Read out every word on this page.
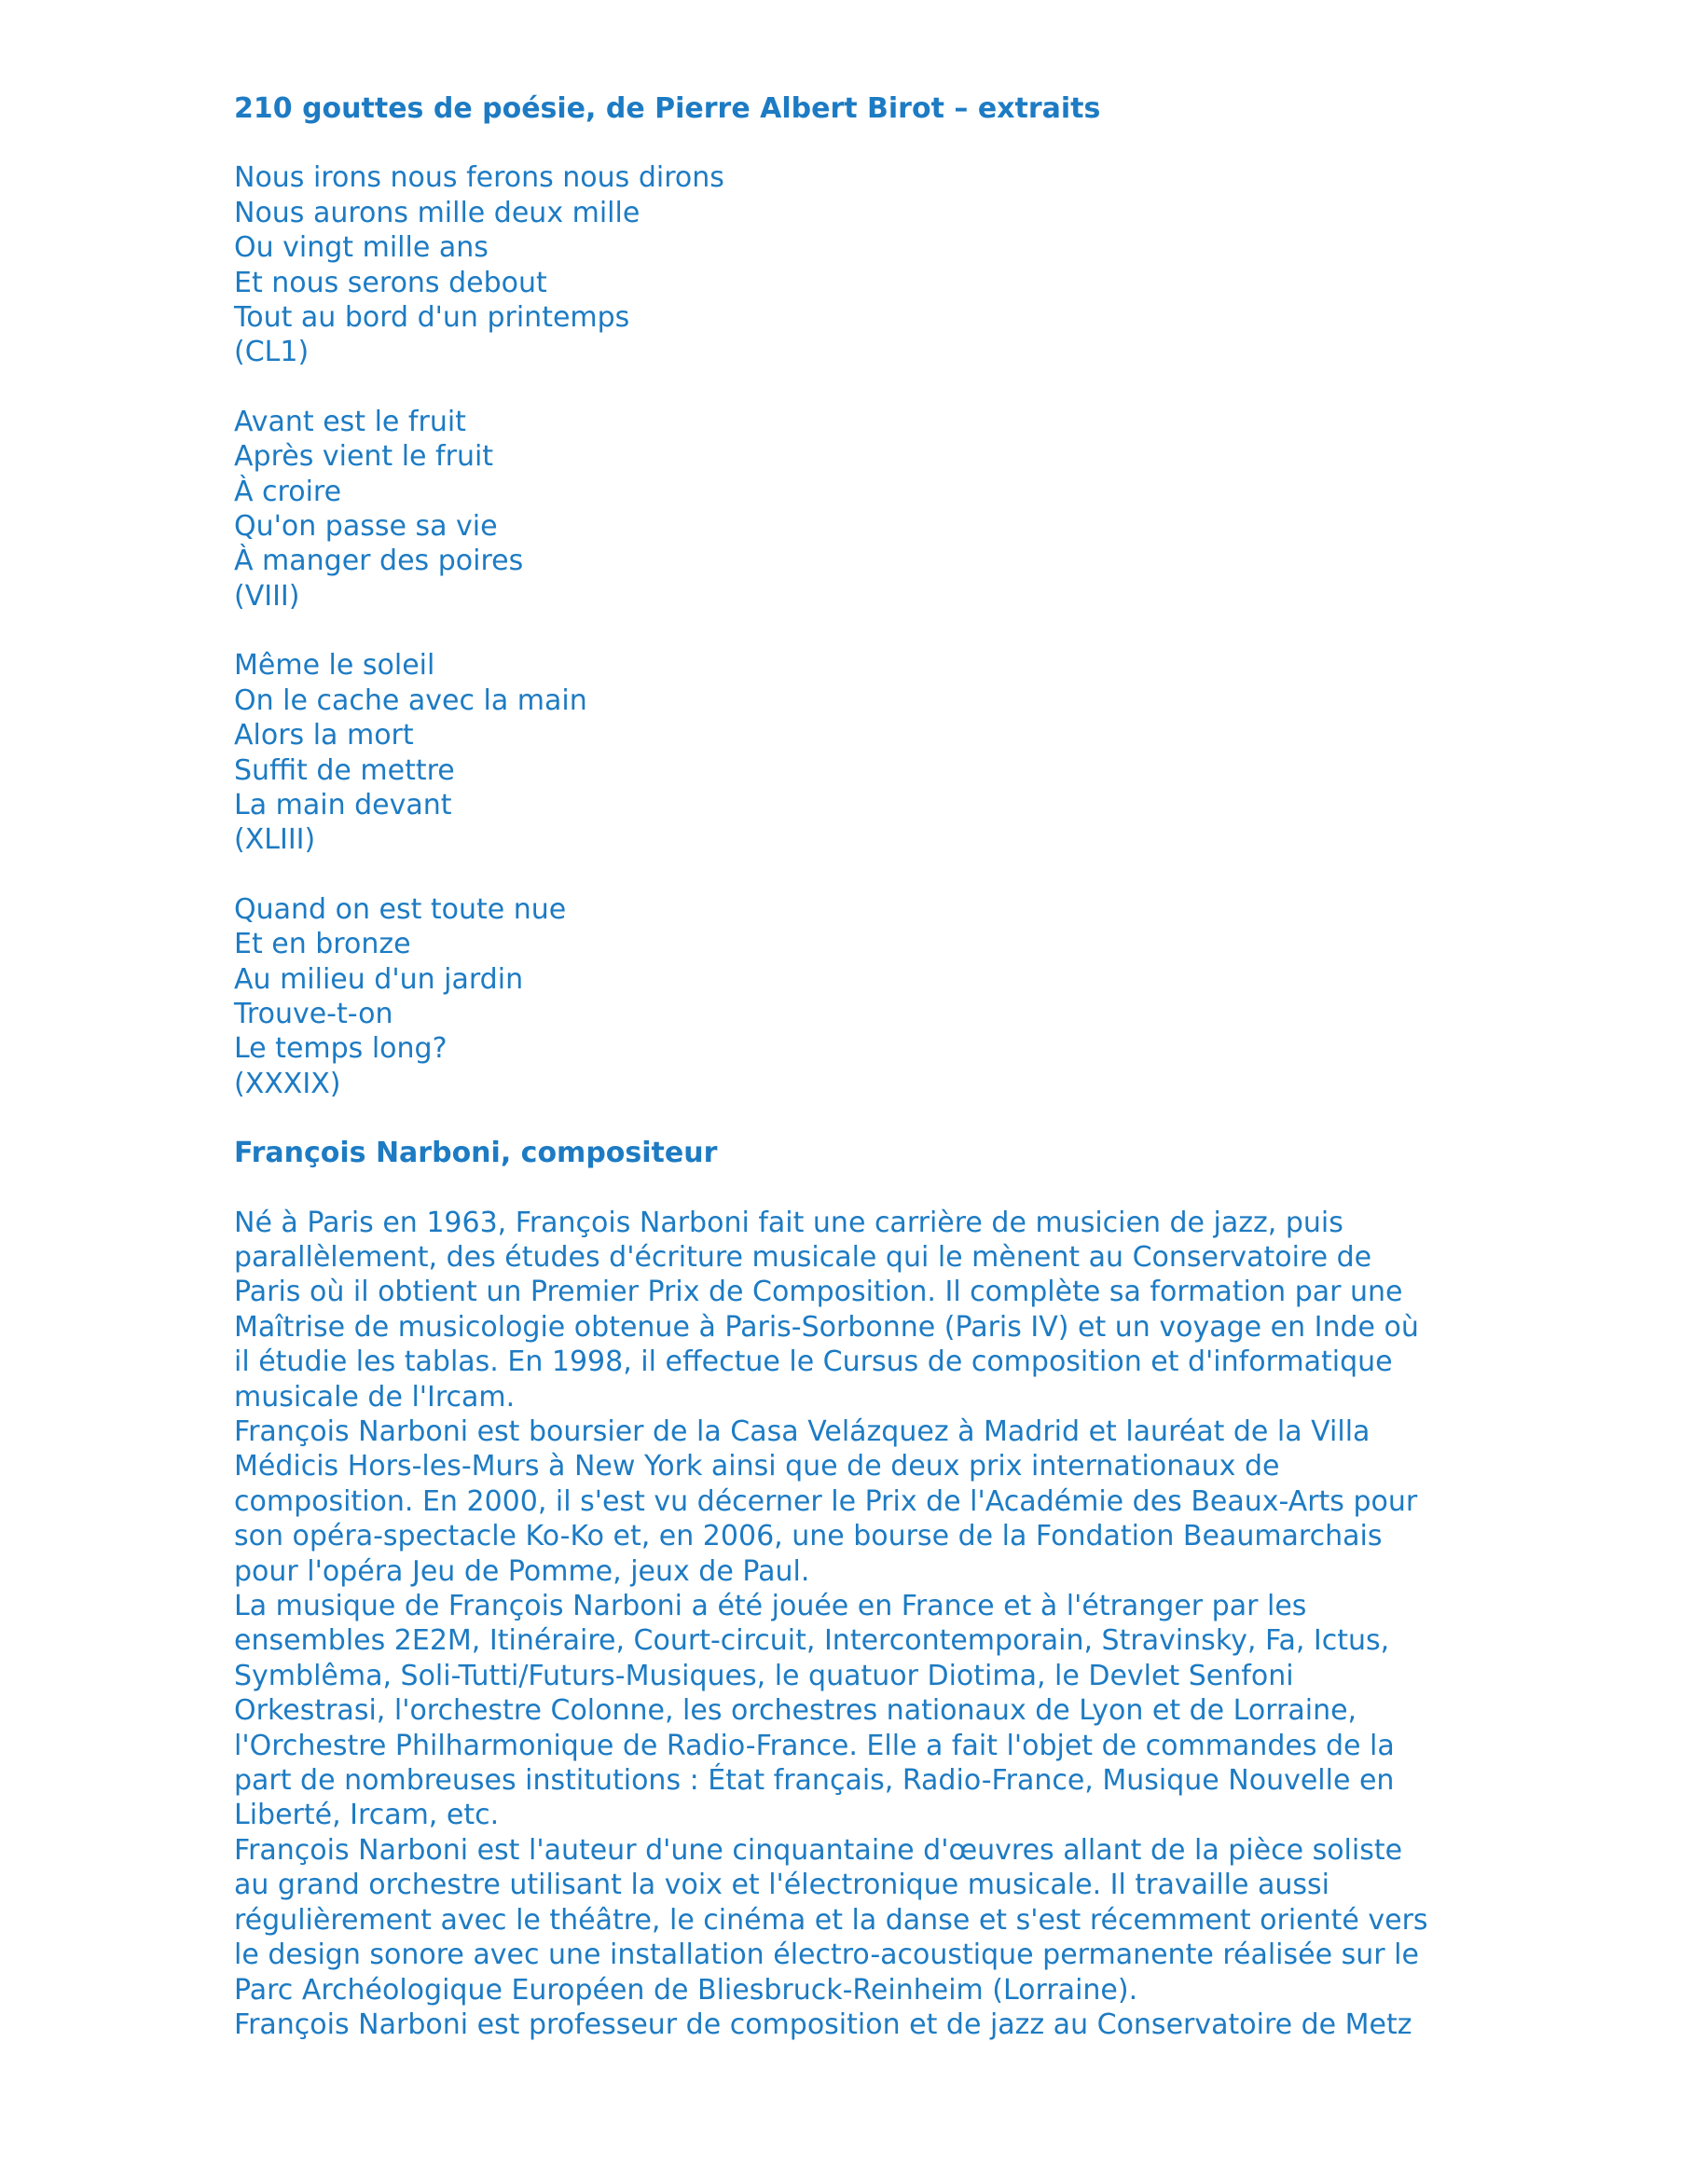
210 gouttes de poésie, de Pierre Albert Birot – extraits

Nous irons nous ferons nous dirons
Nous aurons mille deux mille
Ou vingt mille ans
Et nous serons debout
Tout au bord d'un printemps
(CL1)
Avant est le fruit
Après vient le fruit
À croire
Qu'on passe sa vie
À manger des poires
(VIII)
Même le soleil
On le cache avec la main
Alors la mort
Suffit de mettre
La main devant
(XLIII)
Quand on est toute nue
Et en bronze
Au milieu d'un jardin
Trouve-t-on
Le temps long?
(XXXIX)

François Narboni, compositeur

Né à Paris en 1963, François Narboni fait une carrière de musicien de jazz, puis
parallèlement, des études d'écriture musicale qui le mènent au Conservatoire de
Paris où il obtient un Premier Prix de Composition. Il complète sa formation par une
Maîtrise de musicologie obtenue à Paris-Sorbonne (Paris IV) et un voyage en Inde où
il étudie les tablas. En 1998, il effectue le Cursus de composition et d'informatique
musicale de l'Ircam.
François Narboni est boursier de la Casa Velázquez à Madrid et lauréat de la Villa
Médicis Hors-les-Murs à New York ainsi que de deux prix internationaux de
composition. En 2000, il s'est vu décerner le Prix de l'Académie des Beaux-Arts pour
son opéra-spectacle Ko-Ko et, en 2006, une bourse de la Fondation Beaumarchais
pour l'opéra Jeu de Pomme, jeux de Paul.
La musique de François Narboni a été jouée en France et à l'étranger par les
ensembles 2E2M, Itinéraire, Court-circuit, Intercontemporain, Stravinsky, Fa, Ictus,
Symblêma, Soli-Tutti/Futurs-Musiques, le quatuor Diotima, le Devlet Senfoni
Orkestrasi, l'orchestre Colonne, les orchestres nationaux de Lyon et de Lorraine,
l'Orchestre Philharmonique de Radio-France. Elle a fait l'objet de commandes de la
part de nombreuses institutions : État français, Radio-France, Musique Nouvelle en
Liberté, Ircam, etc.
François Narboni est l'auteur d'une cinquantaine d'œuvres allant de la pièce soliste
au grand orchestre utilisant la voix et l'électronique musicale. Il travaille aussi
régulièrement avec le théâtre, le cinéma et la danse et s'est récemment orienté vers
le design sonore avec une installation électro-acoustique permanente réalisée sur le
Parc Archéologique Européen de Bliesbruck-Reinheim (Lorraine).
François Narboni est professeur de composition et de jazz au Conservatoire de Metz
